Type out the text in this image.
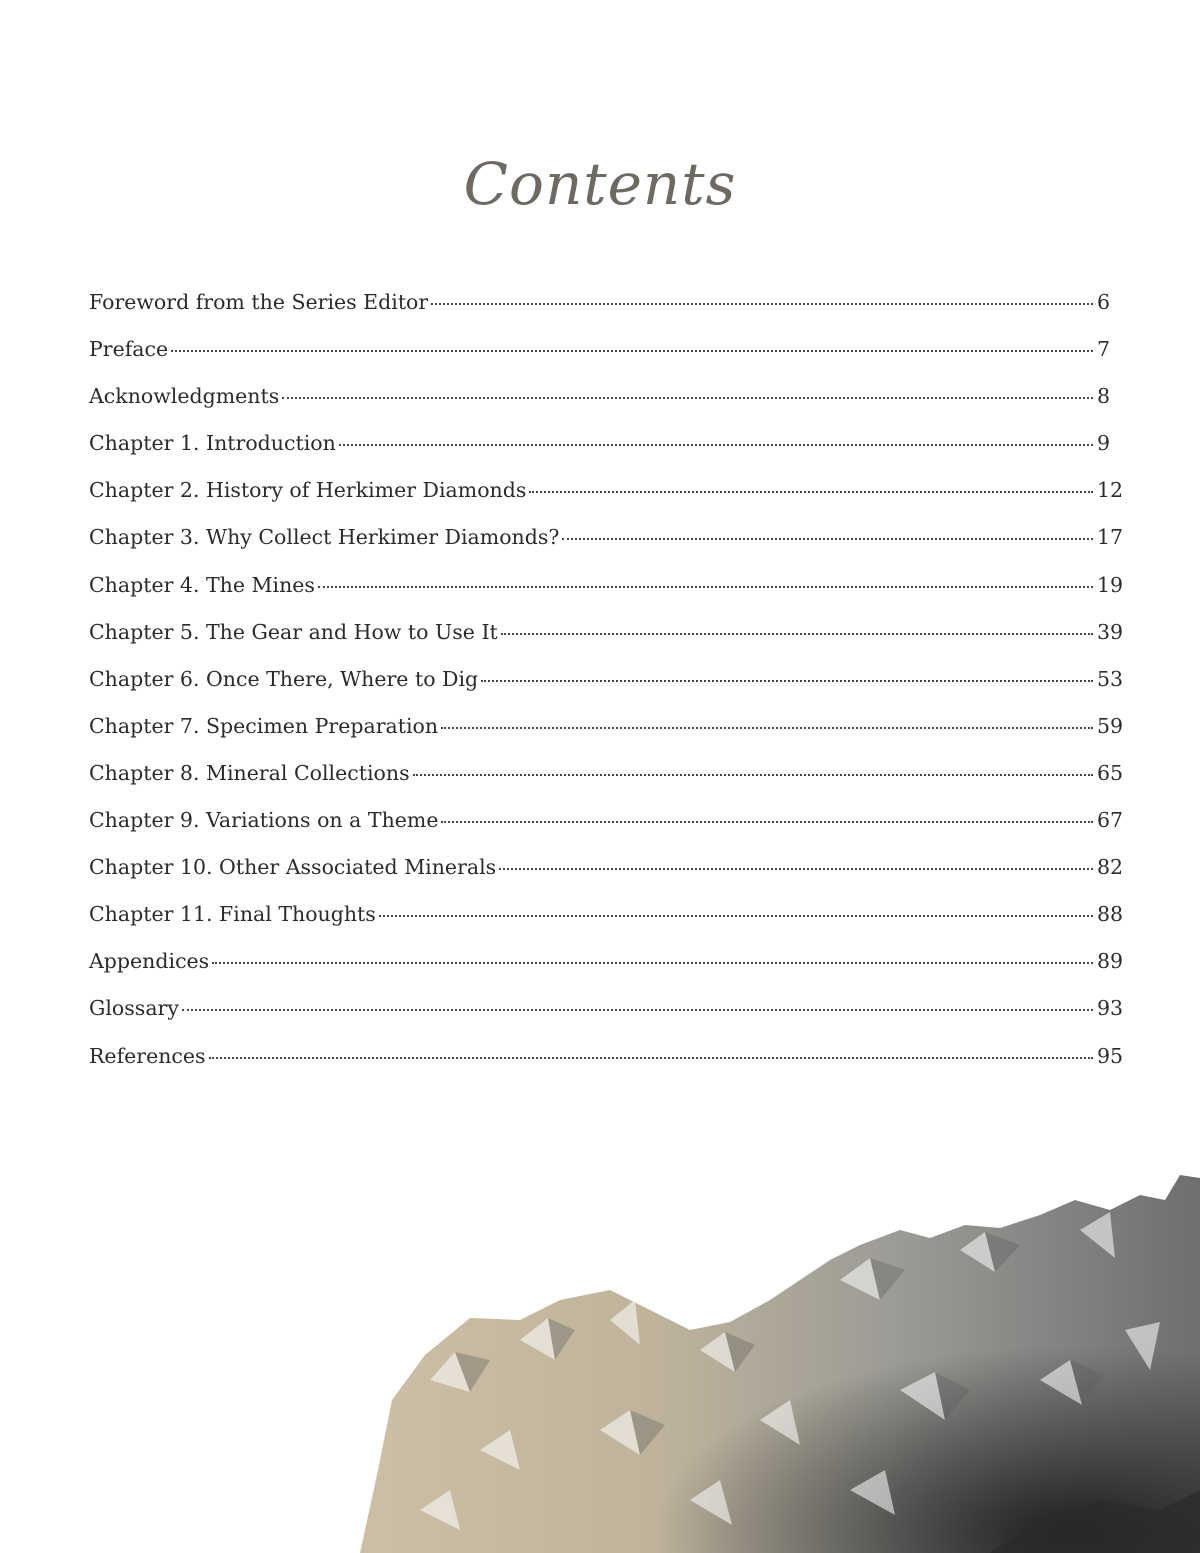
Contents
Foreword from the Series Editor	6
Preface	7
Acknowledgments	8
Chapter 1. Introduction	9
Chapter 2. History of Herkimer Diamonds	12
Chapter 3. Why Collect Herkimer Diamonds?	17
Chapter 4. The Mines	19
Chapter 5. The Gear and How to Use It	39
Chapter 6. Once There, Where to Dig	53
Chapter 7. Specimen Preparation	59
Chapter 8. Mineral Collections	65
Chapter 9. Variations on a Theme	67
Chapter 10. Other Associated Minerals	82
Chapter 11. Final Thoughts	88
Appendices	89
Glossary	93
References	95
